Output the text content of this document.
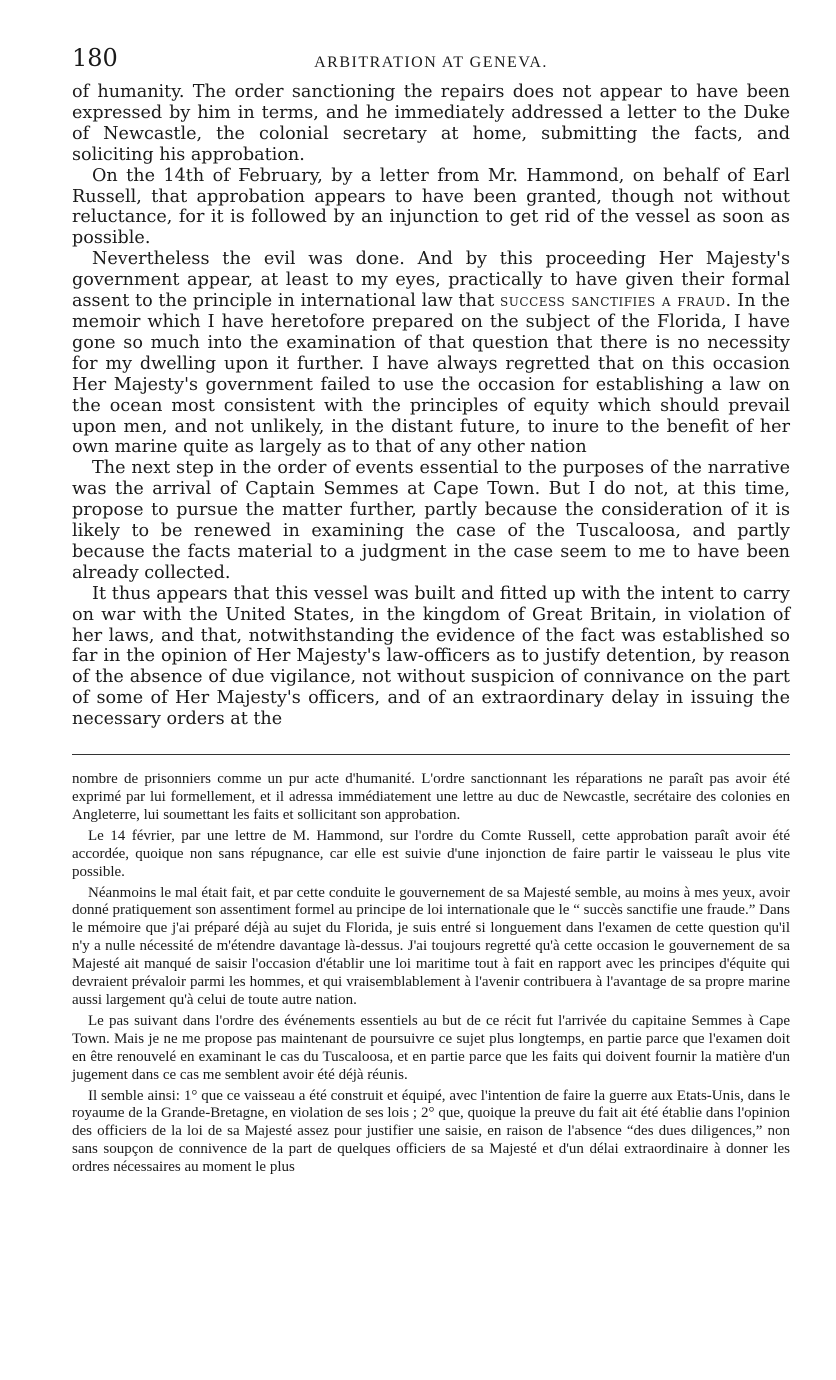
180	ARBITRATION AT GENEVA.

of humanity. The order sanctioning the repairs does not appear to have been expressed by him in terms, and he immediately addressed a letter to the Duke of Newcastle, the colonial secretary at home, submitting the facts, and soliciting his approbation.

On the 14th of February, by a letter from Mr. Hammond, on behalf of Earl Russell, that approbation appears to have been granted, though not without reluctance, for it is followed by an injunction to get rid of the vessel as soon as possible.

Nevertheless the evil was done. And by this proceeding Her Majesty's government appear, at least to my eyes, practically to have given their formal assent to the principle in international law that success sanctifies a fraud. In the memoir which I have heretofore prepared on the subject of the Florida, I have gone so much into the examination of that question that there is no necessity for my dwelling upon it further. I have always regretted that on this occasion Her Majesty's government failed to use the occasion for establishing a law on the ocean most consistent with the principles of equity which should prevail upon men, and not unlikely, in the distant future, to inure to the benefit of her own marine quite as largely as to that of any other nation

The next step in the order of events essential to the purposes of the narrative was the arrival of Captain Semmes at Cape Town. But I do not, at this time, propose to pursue the matter further, partly because the consideration of it is likely to be renewed in examining the case of the Tuscaloosa, and partly because the facts material to a judgment in the case seem to me to have been already collected.

It thus appears that this vessel was built and fitted up with the intent to carry on war with the United States, in the kingdom of Great Britain, in violation of her laws, and that, notwithstanding the evidence of the fact was established so far in the opinion of Her Majesty's law-officers as to justify detention, by reason of the absence of due vigilance, not without suspicion of connivance on the part of some of Her Majesty's officers, and of an extraordinary delay in issuing the necessary orders at the

nombre de prisonniers comme un pur acte d'humanité. L'ordre sanctionnant les réparations ne paraît pas avoir été exprimé par lui formellement, et il adressa immédiatement une lettre au duc de Newcastle, secrétaire des colonies en Angleterre, lui soumettant les faits et sollicitant son approbation.

Le 14 février, par une lettre de M. Hammond, sur l'ordre du Comte Russell, cette approbation paraît avoir été accordée, quoique non sans répugnance, car elle est suivie d'une injonction de faire partir le vaisseau le plus vite possible.

Néanmoins le mal était fait, et par cette conduite le gouvernement de sa Majesté semble, au moins à mes yeux, avoir donné pratiquement son assentiment formel au principe de loi internationale que le “ succès sanctifie une fraude.” Dans le mémoire que j'ai préparé déjà au sujet du Florida, je suis entré si longuement dans l'examen de cette question qu'il n'y a nulle nécessité de m'étendre davantage là-dessus. J'ai toujours regretté qu'à cette occasion le gouvernement de sa Majesté ait manqué de saisir l'occasion d'établir une loi maritime tout à fait en rapport avec les principes d'équite qui devraient prévaloir parmi les hommes, et qui vraisemblablement à l'avenir contribuera à l'avantage de sa propre marine aussi largement qu'à celui de toute autre nation.

Le pas suivant dans l'ordre des événements essentiels au but de ce récit fut l'arrivée du capitaine Semmes à Cape Town. Mais je ne me propose pas maintenant de poursuivre ce sujet plus longtemps, en partie parce que l'examen doit en être renouvelé en examinant le cas du Tuscaloosa, et en partie parce que les faits qui doivent fournir la matière d'un jugement dans ce cas me semblent avoir été déjà réunis.

Il semble ainsi: 1° que ce vaisseau a été construit et équipé, avec l'intention de faire la guerre aux Etats-Unis, dans le royaume de la Grande-Bretagne, en violation de ses lois ; 2° que, quoique la preuve du fait ait été établie dans l'opinion des officiers de la loi de sa Majesté assez pour justifier une saisie, en raison de l'absence “des dues diligences,” non sans soupçon de connivence de la part de quelques officiers de sa Majesté et d'un délai extraordinaire à donner les ordres nécessaires au moment le plus
